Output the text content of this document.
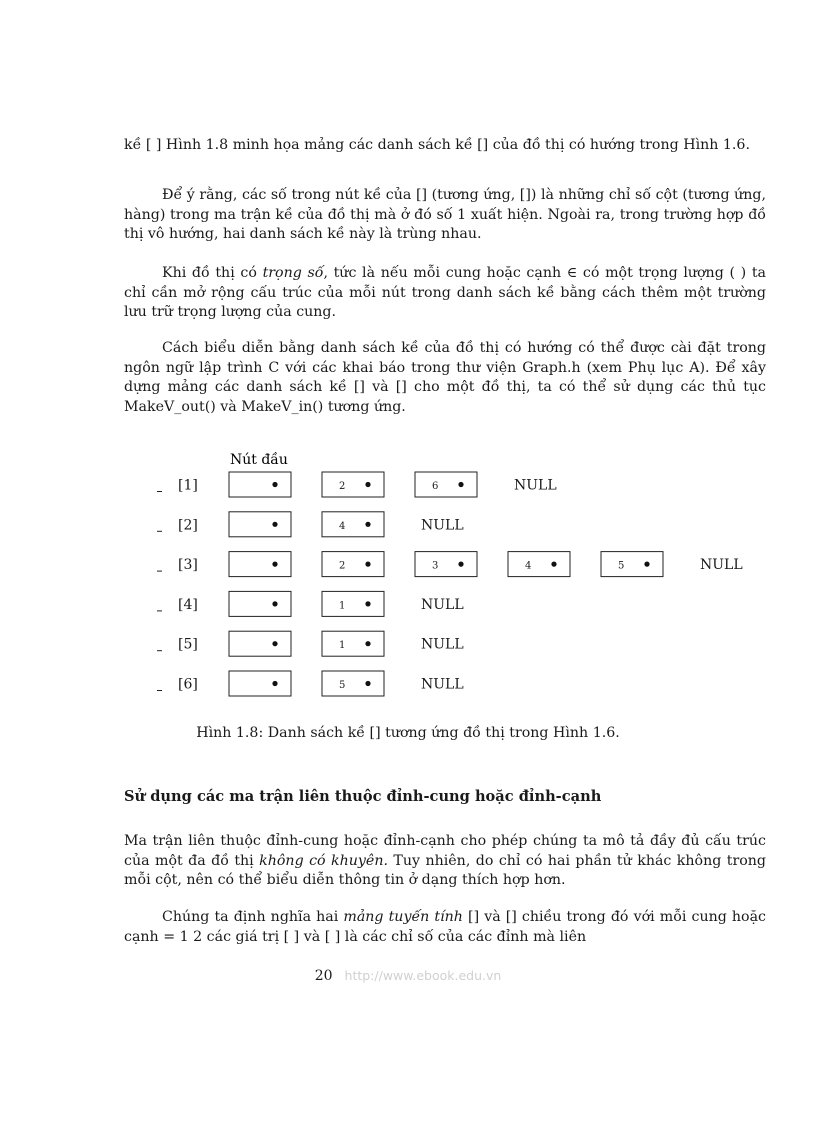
kề [ ] Hình 1.8 minh họa mảng các danh sách kề [] của đồ thị có hướng trong Hình 1.6.

Để ý rằng, các số trong nút kề của [] (tương ứng, []) là những chỉ số cột (tương ứng, hàng) trong ma trận kề của đồ thị mà ở đó số 1 xuất hiện. Ngoài ra, trong trường hợp đồ thị vô hướng, hai danh sách kề này là trùng nhau.

Khi đồ thị có trọng số, tức là nếu mỗi cung hoặc cạnh ∈ có một trọng lượng ( ) ta chỉ cần mở rộng cấu trúc của mỗi nút trong danh sách kề bằng cách thêm một trường lưu trữ trọng lượng của cung.

Cách biểu diễn bằng danh sách kề của đồ thị có hướng có thể được cài đặt trong ngôn ngữ lập trình C với các khai báo trong thư viện Graph.h (xem Phụ lục A). Để xây dựng mảng các danh sách kề [] và [] cho một đồ thị, ta có thể sử dụng các thủ tục MakeV_out() và MakeV_in() tương ứng.

Nút đầu
[1]	2	6	NULL
[2]	4	NULL
[3]	2	3	4	5	NULL
[4]	1	NULL
[5]	1	NULL
[6]	5	NULL
Hình 1.8: Danh sách kề [] tương ứng đồ thị trong Hình 1.6.
Sử dụng các ma trận liên thuộc đỉnh-cung hoặc đỉnh-cạnh

Ma trận liên thuộc đỉnh-cung hoặc đỉnh-cạnh cho phép chúng ta mô tả đầy đủ cấu trúc của một đa đồ thị không có khuyên. Tuy nhiên, do chỉ có hai phần tử khác không trong mỗi cột, nên có thể biểu diễn thông tin ở dạng thích hợp hơn.

Chúng ta định nghĩa hai mảng tuyến tính [] và [] chiều trong đó với mỗi cung hoặc cạnh = 1 2 các giá trị [ ] và [ ] là các chỉ số của các đỉnh mà liên

20 http://www.ebook.edu.vn
